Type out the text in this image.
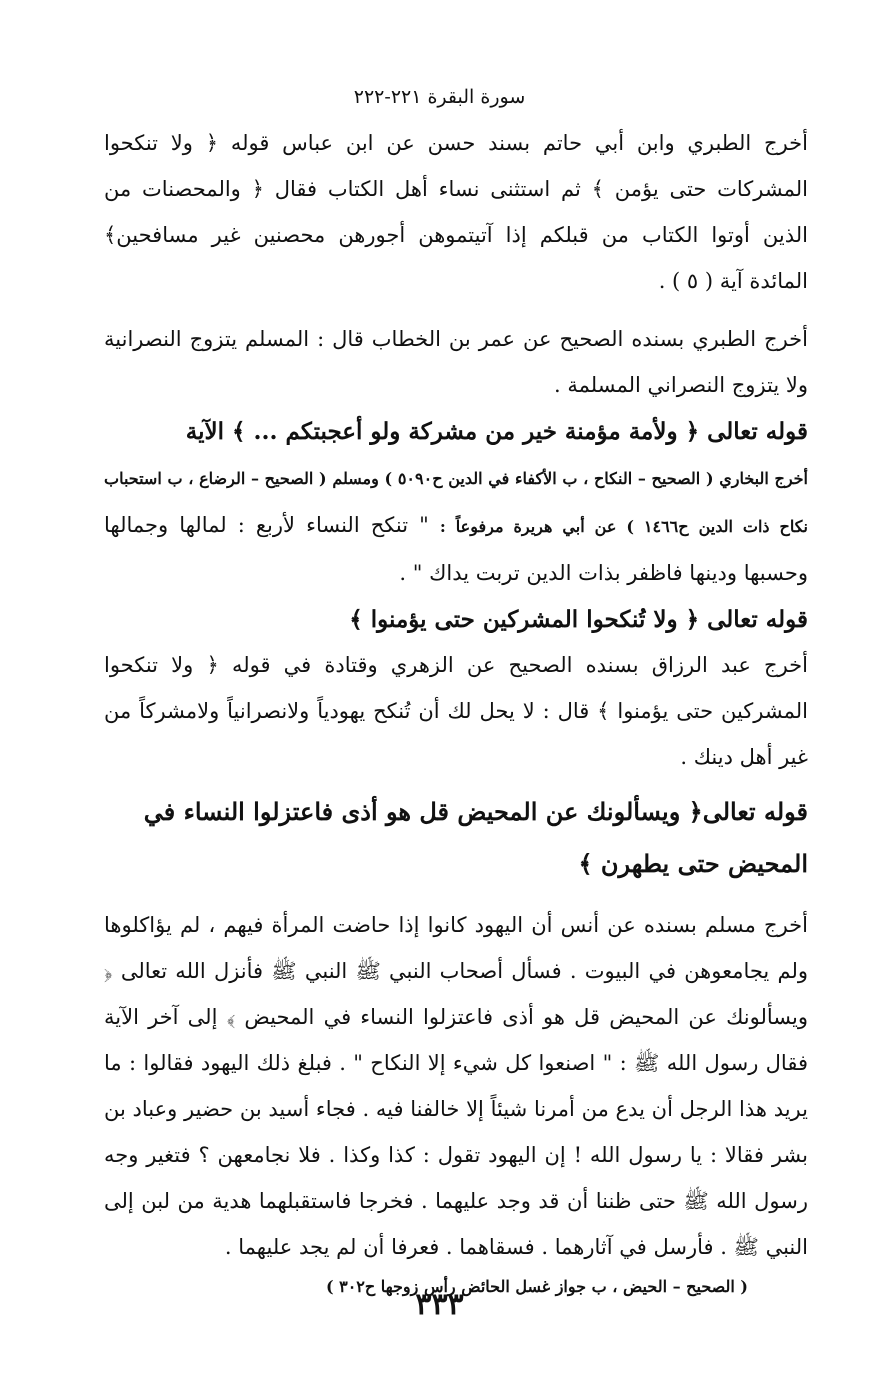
سورة البقرة ٢٢١-٢٢٢

أخرج الطبري وابن أبي حاتم بسند حسن عن ابن عباس قوله ﴿ ولا تنكحوا المشركات حتى يؤمن ﴾ ثم استثنى نساء أهل الكتاب فقال ﴿ والمحصنات من الذين أوتوا الكتاب من قبلكم إذا آتيتموهن أجورهن محصنين غير مسافحين﴾ المائدة آية ( ٥ ) .

أخرج الطبري بسنده الصحيح عن عمر بن الخطاب قال : المسلم يتزوج النصرانية ولا يتزوج النصراني المسلمة .

قوله تعالى ﴿ ولأمة مؤمنة خير من مشركة ولو أعجبتكم ... ﴾ الآية

أخرج البخاري ( الصحيح – النكاح ، ب الأكفاء في الدين ح٥٠٩٠ ) ومسلم ( الصحيح – الرضاع ، ب استحباب نكاح ذات الدين ح١٤٦٦ ) عن أبي هريرة مرفوعاً : " تنكح النساء لأربع : لمالها وجمالها وحسبها ودينها فاظفر بذات الدين تربت يداك " .

قوله تعالى ﴿ ولا تُنكحوا المشركين حتى يؤمنوا ﴾

أخرج عبد الرزاق بسنده الصحيح عن الزهري وقتادة في قوله ﴿ ولا تنكحوا المشركين حتى يؤمنوا ﴾ قال : لا يحل لك أن تُنكح يهودياً ولانصرانياً ولامشركاً من غير أهل دينك .

قوله تعالى﴿ ويسألونك عن المحيض قل هو أذى فاعتزلوا النساء في المحيض حتى يطهرن ﴾

أخرج مسلم بسنده عن أنس أن اليهود كانوا إذا حاضت المرأة فيهم ، لم يؤاكلوها ولم يجامعوهن في البيوت . فسأل أصحاب النبي ﷺ النبي ﷺ فأنزل الله تعالى ﴿ ويسألونك عن المحيض قل هو أذى فاعتزلوا النساء في المحيض ﴾ إلى آخر الآية فقال رسول الله ﷺ : " اصنعوا كل شيء إلا النكاح " . فبلغ ذلك اليهود فقالوا : ما يريد هذا الرجل أن يدع من أمرنا شيئاً إلا خالفنا فيه . فجاء أسيد بن حضير وعباد بن بشر فقالا : يا رسول الله ! إن اليهود تقول : كذا وكذا . فلا نجامعهن ؟ فتغير وجه رسول الله ﷺ حتى ظننا أن قد وجد عليهما . فخرجا فاستقبلهما هدية من لبن إلى النبي ﷺ . فأرسل في آثارهما . فسقاهما . فعرفا أن لم يجد عليهما .

( الصحيح – الحيض ، ب جواز غسل الحائض رأس زوجها ح٣٠٢ )

٣٣٣
